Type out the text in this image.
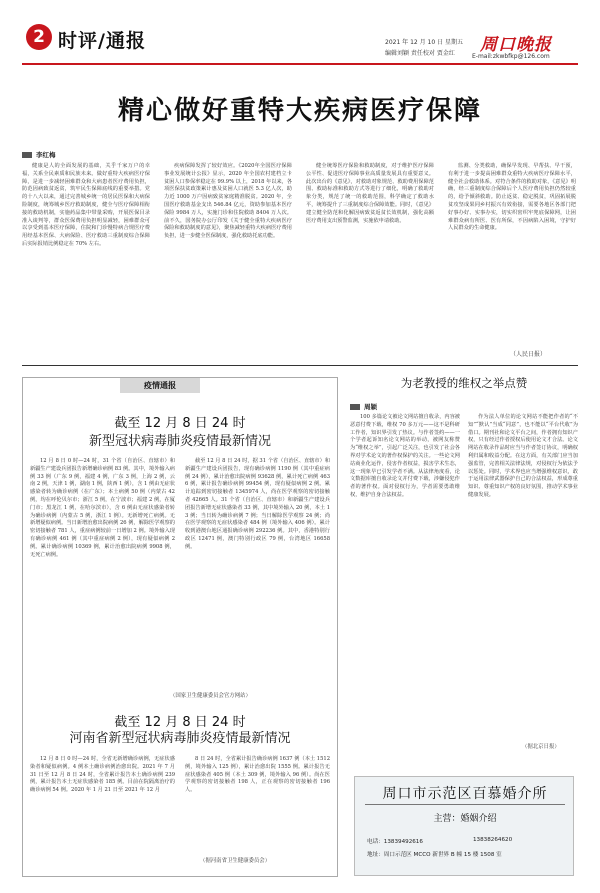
2 时评/通报	2021 年 12 月 10 日 星期五
编辑刘颖 责任校对 贾金红 周口晚报
E-mail:zkwbfkp@126.com
精心做好重特大疾病医疗保障
李红梅

健康是人的全面发展的基础，关乎千家万户的幸福，关系全民素质和民族未来。做好重特大疾病医疗保障，是进一步减轻困难群众和大病患者医疗费用负担，防范因病致贫返贫，筑牢民生保障底线的重要举措。党的十八大以来，通过完善城乡统一的居民医保和大病保险制度，统筹城乡医疗救助制度，健全与医疗保障相衔接的救助机制，实施药品集中带量采购，开展医保目录准入谈判等，群众医保费用负担明显减轻，困难群众可以享受到基本医疗保障，住院和门诊慢特病合规医疗费用经基本医保、大病保险、医疗救助三重制度综合保障后实际报销比例稳定在 70% 左右。

疾病保障发挥了较好效应。《2020年全国医疗保障事业发展统计公报》显示，2020 年全国农村建档立卡贫困人口参保率稳定在 99.9% 以上，2018 年以来，各项医保扶贫政策累计惠及贫困人口就医 5.3 亿人次，助力近 1000 万户因病致贫家庭精准脱贫。2020 年，全国医疗救助基金支出 546.84 亿元，资助参加基本医疗保险 9984 万人，实施门诊和住院救助 8404 万人次。前不久，国务院办公厅印发《关于健全重特大疾病医疗保险和救助制度的意见》，聚焦减轻重特大疾病医疗费用负担，进一步健全医保制度，强化救助托底功能。

健全统筹医疗保险和救助制度，对于维护医疗保障公平性、促进医疗保障事业高质量发展具有重要意义。此次出台的《意见》，对救助对象规范、救助费用保障范围、救助标准和救助方式等进行了细化，明确了救助对象分类，规范了统一的救助范围，科学确定了救助水平，统筹提升了三重制度综合保障效能。同时，《意见》建立健全防范和化解因病致贫返贫长效机制，强化高额医疗费用支出预警监测，实施依申请救助。

监测、分类救助，确保早发现、早帮扶、早干预，有利于进一步提高困难群众重特大疾病医疗保障水平，健全社会救助体系。对符合条件的救助对象，《意见》明确，经三重制度综合保障后个人医疗费用负担仍然较重的，给予倾斜救助。防止返贫、稳定脱贫，巩固拓展脱贫攻坚成果同乡村振兴有效衔接，需要各地区各部门把好事办好、实事办实，切实织密织牢兜底保障网，让困难群众病有所医、医有所保，不因病陷入困境，守护好人民群众的生命健康。

（人民日报）
疫情通报
截至 12 月 8 日 24 时
新型冠状病毒肺炎疫情最新情况

12 月 8 日 0 时—24 时，31 个省（自治区、直辖市）和新疆生产建设兵团报告新增确诊病例 83 例。其中，境外输入病例 33 例（广东 9 例，福建 4 例，广东 3 例，上海 2 例，云南 2 例，天津 1 例，湖南 1 例，陕西 1 例），含 1 例由无症状感染者转为确诊病例（在广东）；本土病例 50 例（内蒙古 42 例，均在呼伦贝尔市；浙江 5 例，在宁波市；福建 2 例，在厦门市；黑龙江 1 例，在哈尔滨市），含 6 例由无症状感染者转为确诊病例（内蒙古 5 例，浙江 1 例）。无新增死亡病例。无新增疑似病例。当日新增治愈出院病例 26 例，解除医学观察的密切接触者 781 人，重症病例较前一日增加 2 例。境外输入现有确诊病例 461 例（其中重症病例 2 例），现有疑似病例 2 例。累计确诊病例 10369 例，累计治愈出院病例 9908 例，无死亡病例。

截至 12 月 8 日 24 时，据 31 个省（自治区、直辖市）和新疆生产建设兵团报告，现有确诊病例 1190 例（其中重症病例 24 例），累计治愈出院病例 93628 例，累计死亡病例 4636 例，累计报告确诊病例 99454 例，现有疑似病例 2 例。累计追踪到密切接触者 1345974 人，尚在医学观察的密切接触者 42665 人。31 个省（自治区、直辖市）和新疆生产建设兵团报告新增无症状感染者 33 例，其中境外输入 20 例，本土 13 例；当日转为确诊病例 7 例；当日解除医学观察 24 例；尚在医学观察的无症状感染者 484 例（境外输入 406 例）。累计收到港澳台地区通报确诊病例 292236 例。其中，香港特别行政区 12471 例，澳门特别行政区 79 例，台湾地区 16658 例。

（国家卫生健康委员会官方网站）
截至 12 月 8 日 24 时
河南省新型冠状病毒肺炎疫情最新情况

12 月 8 日 0 时—24 时，全省无新增确诊病例，无症状感染者和疑似病例。4 例本土确诊病例治愈出院。2021 年 7 月 31 日至 12 月 8 日 24 时，全省累计报告本土确诊病例 239 例，累计报告本土无症状感染者 185 例。目前在院隔离治疗的确诊病例 54 例。2020 年 1 月 21 日至 2021 年 12 月

8 日 24 时，全省累计报告确诊病例 1637 例（本土 1512 例，境外输入 125 例），累计治愈出院 1555 例。累计报告无症状感染者 405 例（本土 309 例，境外输入 96 例）。尚在医学观察的密切接触者 198 人，正在观察的密切接触者 196 人。

（据河南省卫生健康委员会）
为老教授的维权之举点赞
周颖

100 多篇论文被论文网站擅自收录，内容被恶意付费下载，维权 70 多万元——这不是科研工作者，知识界引发了热议。与作者签约——一个学者起诉知名论文网站的举动，被网友称赞为“维权之举”，引起广泛关注，也引发了社会各界对学术论文的著作权保护的关注。一些论文网站商业化运作，侵害作者权益，损害学术生态，这一现象早已引发学者不满。从法律角度看，论文数据库擅自收录论文并付费下载，涉嫌侵犯作者的著作权。面对侵权行为，学者需要勇敢维权，维护自身合法权益。

作为法人单位的论文网站不能把作者的“不知”“默认”当成“同意”，也不能以“平台代收”为借口。期刊社和论文平台之间，作者拥有知识产权，只有经过作者授权后使用论文才合法。论文网站在收录作品时应当与作者签订协议，明确权利归属和收益分配。在这方面，有关部门应当加强监管，完善相关法律法规，对侵权行为依法予以惩处。同时，学术界也应当增强维权意识，敢于运用法律武器保护自己的合法权益，形成尊重知识、尊重知识产权的良好氛围，推动学术事业健康发展。

（据北京日报）
周口市示范区百慕婚介所
主营：婚姻介绍
电话：13839492616	13838264620
地址：周口示范区 MCCO 新世界 B 幢 15 楼 1508 室
